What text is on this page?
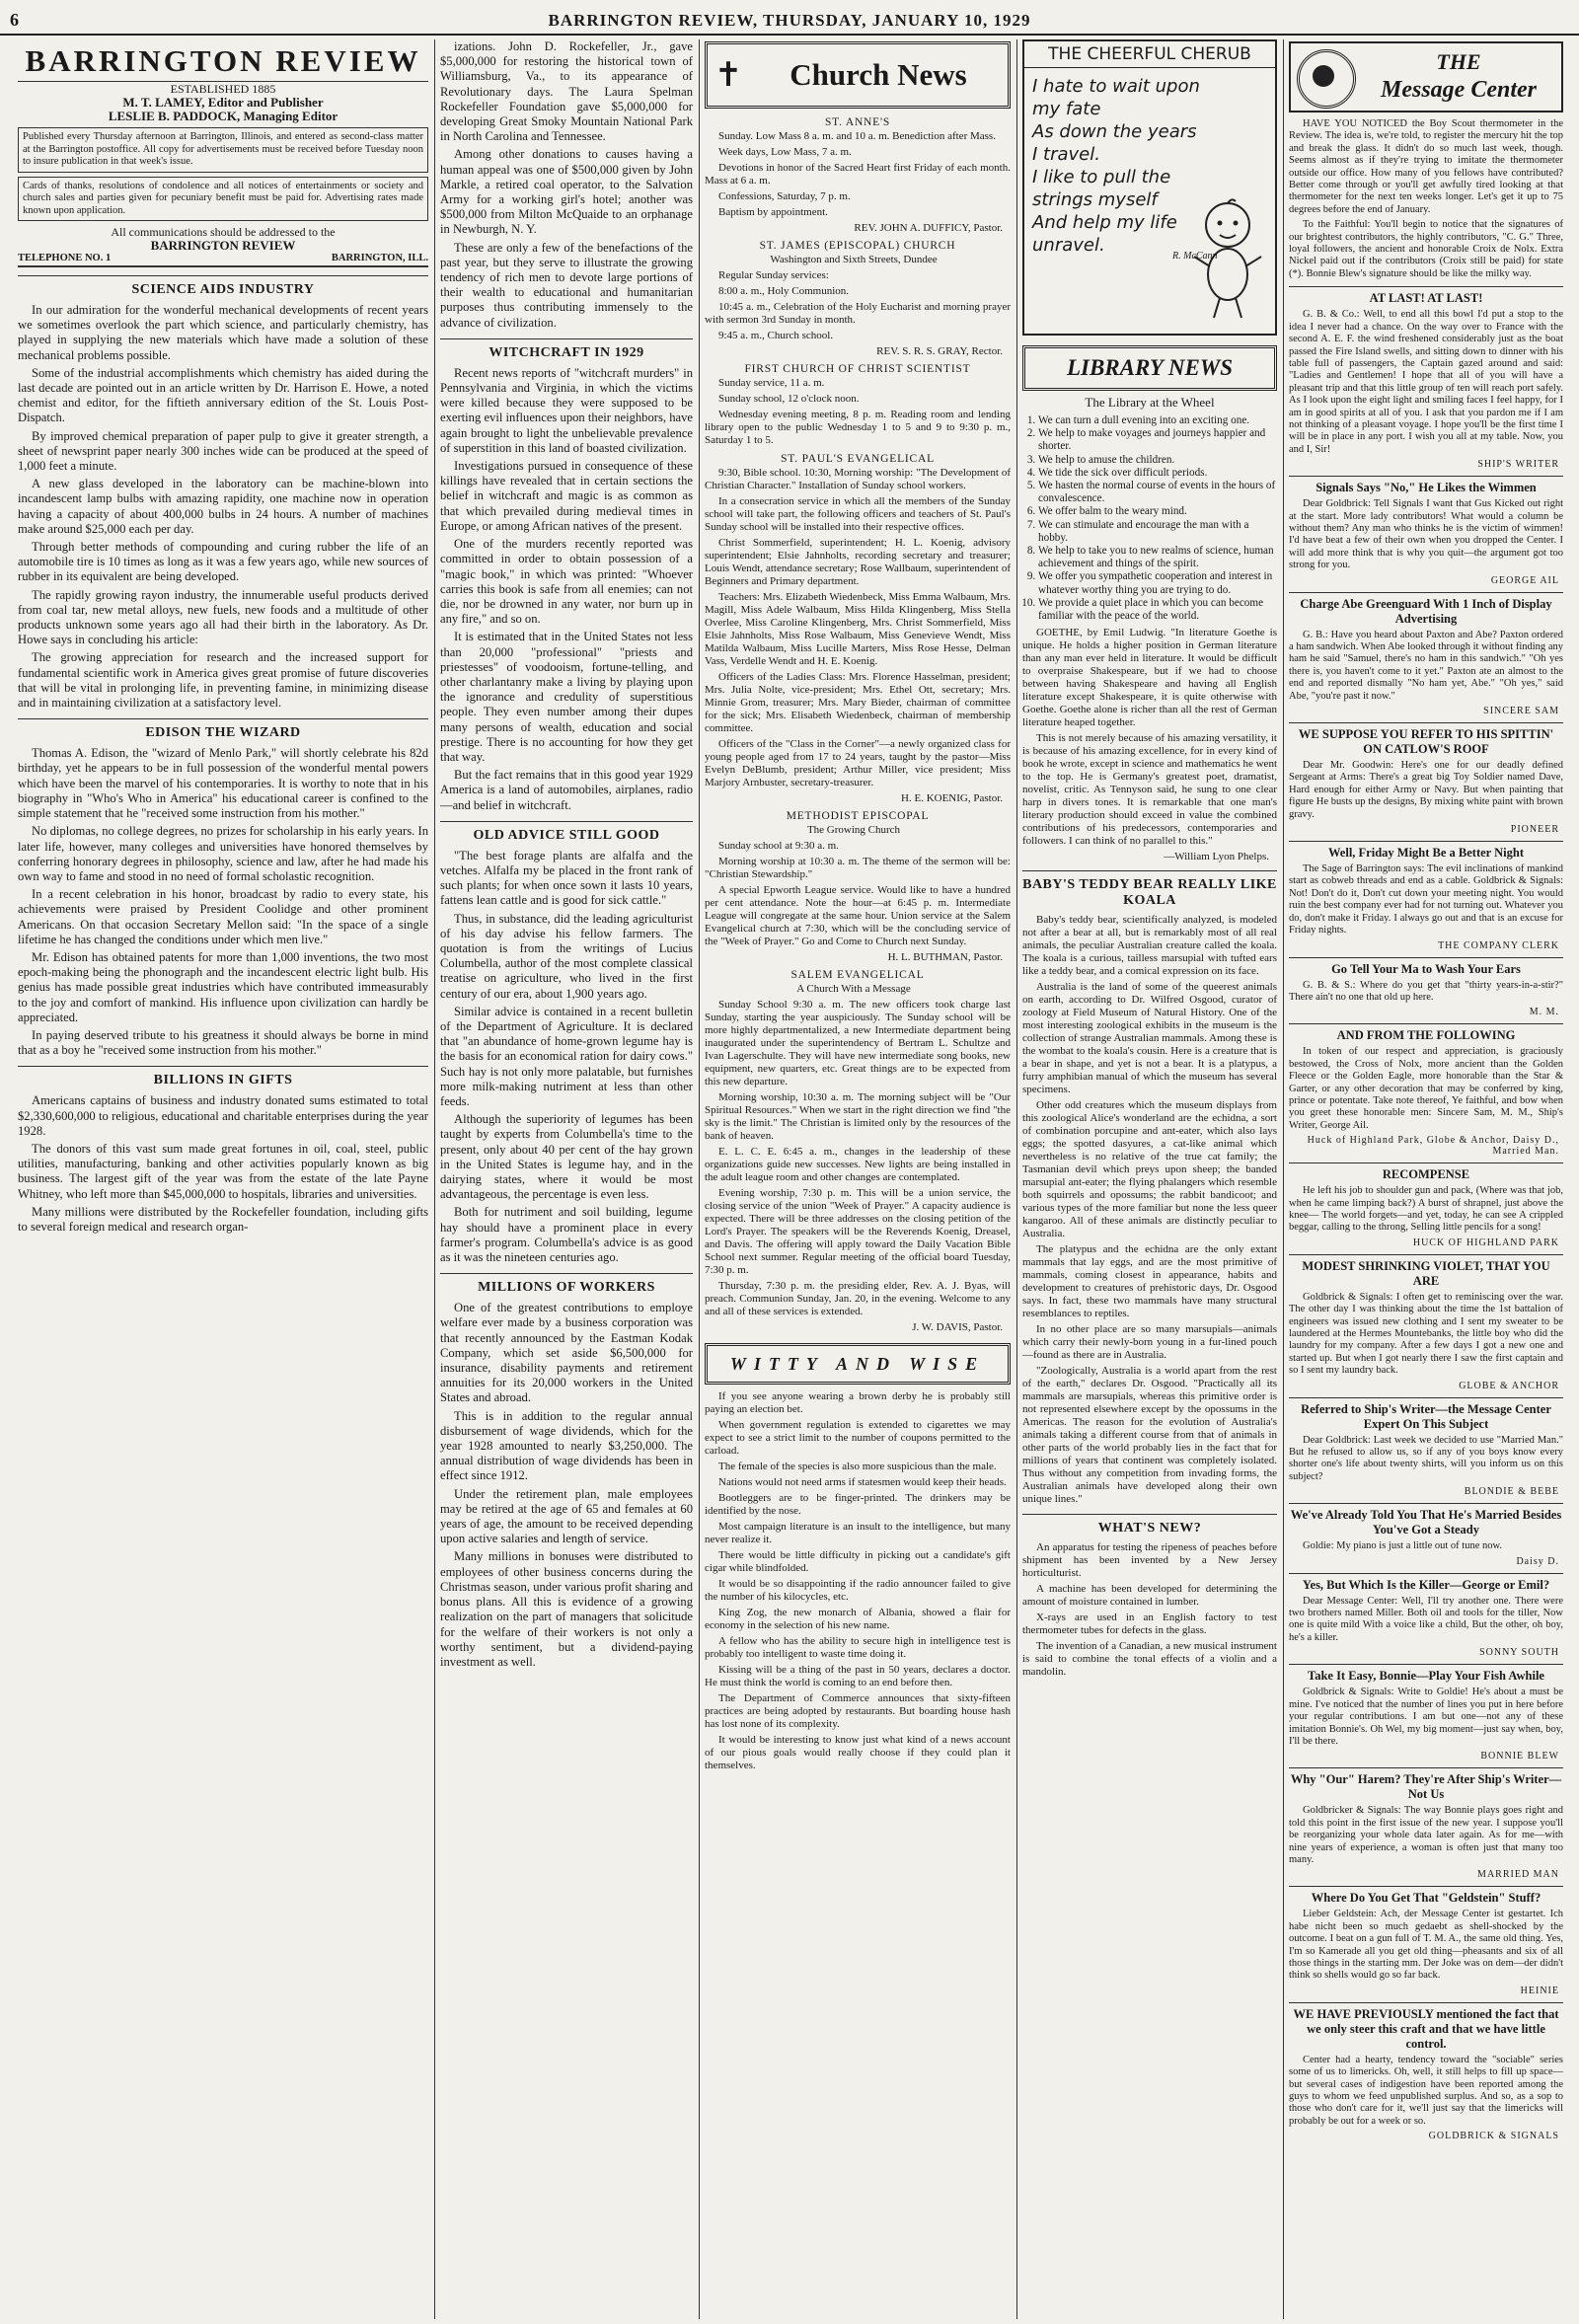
6	BARRINGTON REVIEW, THURSDAY, JANUARY 10, 1929
BARRINGTON REVIEW
ESTABLISHED 1885
M. T. LAMEY, Editor and Publisher
LESLIE B. PADDOCK, Managing Editor
Published every Thursday afternoon at Barrington, Illinois, and entered as second-class matter at the Barrington postoffice. All copy for advertisements must be received before Tuesday noon to insure publication in that week's issue.
Cards of thanks, resolutions of condolence and all notices of entertainments or society and church sales and parties given for pecuniary benefit must be paid for. Advertising rates made known upon application.
All communications should be addressed to the
BARRINGTON REVIEW
TELEPHONE NO. 1	BARRINGTON, ILL.
SCIENCE AIDS INDUSTRY

In our admiration for the wonderful mechanical developments of recent years we sometimes overlook the part which science, and particularly chemistry, has played in supplying the new materials which have made a solution of these mechanical problems possible.

Some of the industrial accomplishments which chemistry has aided during the last decade are pointed out in an article written by Dr. Harrison E. Howe, a noted chemist and editor, for the fiftieth anniversary edition of the St. Louis Post-Dispatch.

By improved chemical preparation of paper pulp to give it greater strength, a sheet of newsprint paper nearly 300 inches wide can be produced at the speed of 1,000 feet a minute.

A new glass developed in the laboratory can be machine-blown into incandescent lamp bulbs with amazing rapidity, one machine now in operation having a capacity of about 400,000 bulbs in 24 hours. A number of machines make around $25,000 each per day.

Through better methods of compounding and curing rubber the life of an automobile tire is 10 times as long as it was a few years ago, while new sources of rubber in its equivalent are being developed.

The rapidly growing rayon industry, the innumerable useful products derived from coal tar, new metal alloys, new fuels, new foods and a multitude of other products unknown some years ago all had their birth in the laboratory. As Dr. Howe says in concluding his article:

The growing appreciation for research and the increased support for fundamental scientific work in America gives great promise of future discoveries that will be vital in prolonging life, in preventing famine, in minimizing disease and in maintaining civilization at a satisfactory level.

EDISON THE WIZARD

Thomas A. Edison, the "wizard of Menlo Park," will shortly celebrate his 82d birthday, yet he appears to be in full possession of the wonderful mental powers which have been the marvel of his contemporaries. It is worthy to note that in his biography in "Who's Who in America" his educational career is confined to the simple statement that he "received some instruction from his mother."

No diplomas, no college degrees, no prizes for scholarship in his early years. In later life, however, many colleges and universities have honored themselves by conferring honorary degrees in philosophy, science and law, after he had made his own way to fame and stood in no need of formal scholastic recognition.

In a recent celebration in his honor, broadcast by radio to every state, his achievements were praised by President Coolidge and other prominent Americans. On that occasion Secretary Mellon said: "In the space of a single lifetime he has changed the conditions under which men live."

Mr. Edison has obtained patents for more than 1,000 inventions, the two most epoch-making being the phonograph and the incandescent electric light bulb. His genius has made possible great industries which have contributed immeasurably to the joy and comfort of mankind. His influence upon civilization can hardly be appreciated.

In paying deserved tribute to his greatness it should always be borne in mind that as a boy he "received some instruction from his mother."

BILLIONS IN GIFTS

Americans captains of business and industry donated sums estimated to total $2,330,600,000 to religious, educational and charitable enterprises during the year 1928.

The donors of this vast sum made great fortunes in oil, coal, steel, public utilities, manufacturing, banking and other activities popularly known as big business. The largest gift of the year was from the estate of the late Payne Whitney, who left more than $45,000,000 to hospitals, libraries and universities.

Many millions were distributed by the Rockefeller foundation, including gifts to several foreign medical and research organ-

izations. John D. Rockefeller, Jr., gave $5,000,000 for restoring the historical town of Williamsburg, Va., to its appearance of Revolutionary days. The Laura Spelman Rockefeller Foundation gave $5,000,000 for developing Great Smoky Mountain National Park in North Carolina and Tennessee.

Among other donations to causes having a human appeal was one of $500,000 given by John Markle, a retired coal operator, to the Salvation Army for a working girl's hotel; another was $500,000 from Milton McQuaide to an orphanage in Newburgh, N. Y.

These are only a few of the benefactions of the past year, but they serve to illustrate the growing tendency of rich men to devote large portions of their wealth to educational and humanitarian purposes thus contributing immensely to the advance of civilization.

WITCHCRAFT IN 1929

Recent news reports of "witchcraft murders" in Pennsylvania and Virginia, in which the victims were killed because they were supposed to be exerting evil influences upon their neighbors, have again brought to light the unbelievable prevalence of superstition in this land of boasted civilization.

Investigations pursued in consequence of these killings have revealed that in certain sections the belief in witchcraft and magic is as common as that which prevailed during medieval times in Europe, or among African natives of the present.

One of the murders recently reported was committed in order to obtain possession of a "magic book," in which was printed: "Whoever carries this book is safe from all enemies; can not die, nor be drowned in any water, nor burn up in any fire," and so on.

It is estimated that in the United States not less than 20,000 "professional" "priests and priestesses" of voodooism, fortune-telling, and other charlantanry make a living by playing upon the ignorance and credulity of superstitious people. They even number among their dupes many persons of wealth, education and social prestige. There is no accounting for how they get that way.

But the fact remains that in this good year 1929 America is a land of automobiles, airplanes, radio—and belief in witchcraft.

OLD ADVICE STILL GOOD

"The best forage plants are alfalfa and the vetches. Alfalfa my be placed in the front rank of such plants; for when once sown it lasts 10 years, fattens lean cattle and is good for sick cattle."

Thus, in substance, did the leading agriculturist of his day advise his fellow farmers. The quotation is from the writings of Lucius Columbella, author of the most complete classical treatise on agriculture, who lived in the first century of our era, about 1,900 years ago.

Similar advice is contained in a recent bulletin of the Department of Agriculture. It is declared that "an abundance of home-grown legume hay is the basis for an economical ration for dairy cows." Such hay is not only more palatable, but furnishes more milk-making nutriment at less than other feeds.

Although the superiority of legumes has been taught by experts from Columbella's time to the present, only about 40 per cent of the hay grown in the United States is legume hay, and in the dairying states, where it would be most advantageous, the percentage is even less.

Both for nutriment and soil building, legume hay should have a prominent place in every farmer's program. Columbella's advice is as good as it was the nineteen centuries ago.

MILLIONS OF WORKERS

One of the greatest contributions to employe welfare ever made by a business corporation was that recently announced by the Eastman Kodak Company, which set aside $6,500,000 for insurance, disability payments and retirement annuities for its 20,000 workers in the United States and abroad.

This is in addition to the regular annual disbursement of wage dividends, which for the year 1928 amounted to nearly $3,250,000. The annual distribution of wage dividends has been in effect since 1912.

Under the retirement plan, male employees may be retired at the age of 65 and females at 60 years of age, the amount to be received depending upon active salaries and length of service.

Many millions in bonuses were distributed to employees of other business concerns during the Christmas season, under various profit sharing and bonus plans. All this is evidence of a growing realization on the part of managers that solicitude for the welfare of their workers is not only a worthy sentiment, but a dividend-paying investment as well.

✝	Church News
ST. ANNE'S

Sunday. Low Mass 8 a. m. and 10 a. m. Benediction after Mass.

Week days, Low Mass, 7 a. m.

Devotions in honor of the Sacred Heart first Friday of each month. Mass at 6 a. m.

Confessions, Saturday, 7 p. m.

Baptism by appointment.

REV. JOHN A. DUFFICY, Pastor.
ST. JAMES (EPISCOPAL) CHURCH
Washington and Sixth Streets, Dundee

Regular Sunday services:

8:00 a. m., Holy Communion.

10:45 a. m., Celebration of the Holy Eucharist and morning prayer with sermon 3rd Sunday in month.

9:45 a. m., Church school.

REV. S. R. S. GRAY, Rector.
FIRST CHURCH OF CHRIST SCIENTIST

Sunday service, 11 a. m.

Sunday school, 12 o'clock noon.

Wednesday evening meeting, 8 p. m. Reading room and lending library open to the public Wednesday 1 to 5 and 9 to 9:30 p. m., Saturday 1 to 5.

ST. PAUL'S EVANGELICAL

9:30, Bible school. 10:30, Morning worship: "The Development of Christian Character." Installation of Sunday school workers.

In a consecration service in which all the members of the Sunday school will take part, the following officers and teachers of St. Paul's Sunday school will be installed into their respective offices.

Christ Sommerfield, superintendent; H. L. Koenig, advisory superintendent; Elsie Jahnholts, recording secretary and treasurer; Louis Wendt, attendance secretary; Rose Wallbaum, superintendent of Beginners and Primary department.

Teachers: Mrs. Elizabeth Wiedenbeck, Miss Emma Walbaum, Mrs. Magill, Miss Adele Walbaum, Miss Hilda Klingenberg, Miss Stella Overlee, Miss Caroline Klingenberg, Mrs. Christ Sommerfield, Miss Elsie Jahnholts, Miss Rose Walbaum, Miss Genevieve Wendt, Miss Matilda Walbaum, Miss Lucille Marters, Miss Rose Hesse, Delman Vass, Verdelle Wendt and H. E. Koenig.

Officers of the Ladies Class: Mrs. Florence Hasselman, president; Mrs. Julia Nolte, vice-president; Mrs. Ethel Ott, secretary; Mrs. Minnie Grom, treasurer; Mrs. Mary Bieder, chairman of committee for the sick; Mrs. Elisabeth Wiedenbeck, chairman of membership committee.

Officers of the "Class in the Corner"—a newly organized class for young people aged from 17 to 24 years, taught by the pastor—Miss Evelyn DeBlumb, president; Arthur Miller, vice president; Miss Marjory Arnbuster, secretary-treasurer.

H. E. KOENIG, Pastor.
METHODIST EPISCOPAL
The Growing Church

Sunday school at 9:30 a. m.

Morning worship at 10:30 a. m. The theme of the sermon will be: "Christian Stewardship."

A special Epworth League service. Would like to have a hundred per cent attendance. Note the hour—at 6:45 p. m. Intermediate League will congregate at the same hour. Union service at the Salem Evangelical church at 7:30, which will be the concluding service of the "Week of Prayer." Go and Come to Church next Sunday.

H. L. BUTHMAN, Pastor.
SALEM EVANGELICAL
A Church With a Message

Sunday School 9:30 a. m. The new officers took charge last Sunday, starting the year auspiciously. The Sunday school will be more highly departmentalized, a new Intermediate department being inaugurated under the superintendency of Bertram L. Schultze and Ivan Lagerschulte. They will have new intermediate song books, new equipment, new quarters, etc. Great things are to be expected from this new departure.

Morning worship, 10:30 a. m. The morning subject will be "Our Spiritual Resources." When we start in the right direction we find "the sky is the limit." The Christian is limited only by the resources of the bank of heaven.

E. L. C. E. 6:45 a. m., changes in the leadership of these organizations guide new successes. New lights are being installed in the adult league room and other changes are contemplated.

Evening worship, 7:30 p. m. This will be a union service, the closing service of the union "Week of Prayer." A capacity audience is expected. There will be three addresses on the closing petition of the Lord's Prayer. The speakers will be the Reverends Koenig, Dreasel, and Davis. The offering will apply toward the Daily Vacation Bible School next summer. Regular meeting of the official board Tuesday, 7:30 p. m.

Thursday, 7:30 p. m. the presiding elder, Rev. A. J. Byas, will preach. Communion Sunday, Jan. 20, in the evening. Welcome to any and all of these services is extended.

J. W. DAVIS, Pastor.
WITTY AND WISE

If you see anyone wearing a brown derby he is probably still paying an election bet.

When government regulation is extended to cigarettes we may expect to see a strict limit to the number of coupons permitted to the carload.

The female of the species is also more suspicious than the male.

Nations would not need arms if statesmen would keep their heads.

Bootleggers are to be finger-printed. The drinkers may be identified by the nose.

Most campaign literature is an insult to the intelligence, but many never realize it.

There would be little difficulty in picking out a candidate's gift cigar while blindfolded.

It would be so disappointing if the radio announcer failed to give the number of his kilocycles, etc.

King Zog, the new monarch of Albania, showed a flair for economy in the selection of his new name.

A fellow who has the ability to secure high in intelligence test is probably too intelligent to waste time doing it.

Kissing will be a thing of the past in 50 years, declares a doctor. He must think the world is coming to an end before then.

The Department of Commerce announces that sixty-fifteen practices are being adopted by restaurants. But boarding house hash has lost none of its complexity.

It would be interesting to know just what kind of a news account of our pious goals would really choose if they could plan it themselves.

THE CHEERFUL CHERUB
I hate to wait upon
my fate
As down the years
I travel.
I like to pull the
strings myself
And help my life
unravel.
R. McCann
LIBRARY NEWS
The Library at the Wheel
1. We can turn a dull evening into an exciting one.
2. We help to make voyages and journeys happier and shorter.
3. We help to amuse the children.
4. We tide the sick over difficult periods.
5. We hasten the normal course of events in the hours of convalescence.
6. We offer balm to the weary mind.
7. We can stimulate and encourage the man with a hobby.
8. We help to take you to new realms of science, human achievement and things of the spirit.
9. We offer you sympathetic cooperation and interest in whatever worthy thing you are trying to do.
10. We provide a quiet place in which you can become familiar with the peace of the world.

GOETHE, by Emil Ludwig. "In literature Goethe is unique. He holds a higher position in German literature than any man ever held in literature. It would be difficult to overpraise Shakespeare, but if we had to choose between having Shakespeare and having all English literature except Shakespeare, it is quite otherwise with Goethe. Goethe alone is richer than all the rest of German literature heaped together.

This is not merely because of his amazing versatility, it is because of his amazing excellence, for in every kind of book he wrote, except in science and mathematics he went to the top. He is Germany's greatest poet, dramatist, novelist, critic. As Tennyson said, he sung to one clear harp in divers tones. It is remarkable that one man's literary production should exceed in value the combined contributions of his predecessors, contemporaries and followers. I can think of no parallel to this."

—William Lyon Phelps.
BABY'S TEDDY BEAR REALLY LIKE KOALA

Baby's teddy bear, scientifically analyzed, is modeled not after a bear at all, but is remarkably most of all real animals, the peculiar Australian creature called the koala. The koala is a curious, tailless marsupial with tufted ears like a teddy bear, and a comical expression on its face.

Australia is the land of some of the queerest animals on earth, according to Dr. Wilfred Osgood, curator of zoology at Field Museum of Natural History. One of the most interesting zoological exhibits in the museum is the collection of strange Australian mammals. Among these is the wombat to the koala's cousin. Here is a creature that is a bear in shape, and yet is not a bear. It is a platypus, a furry amphibian manual of which the museum has several specimens.

Other odd creatures which the museum displays from this zoological Alice's wonderland are the echidna, a sort of combination porcupine and ant-eater, which also lays eggs; the spotted dasyures, a cat-like animal which nevertheless is no relative of the true cat family; the Tasmanian devil which preys upon sheep; the banded marsupial ant-eater; the flying phalangers which resemble both squirrels and opossums; the rabbit bandicoot; and various types of the more familiar but none the less queer kangaroo. All of these animals are distinctly peculiar to Australia.

The platypus and the echidna are the only extant mammals that lay eggs, and are the most primitive of mammals, coming closest in appearance, habits and development to creatures of prehistoric days, Dr. Osgood says. In fact, these two mammals have many structural resemblances to reptiles.

In no other place are so many marsupials—animals which carry their newly-born young in a fur-lined pouch—found as there are in Australia.

"Zoologically, Australia is a world apart from the rest of the earth," declares Dr. Osgood. "Practically all its mammals are marsupials, whereas this primitive order is not represented elsewhere except by the opossums in the Americas. The reason for the evolution of Australia's animals taking a different course from that of animals in other parts of the world probably lies in the fact that for millions of years that continent was completely isolated. Thus without any competition from invading forms, the Australian animals have developed along their own unique lines."

WHAT'S NEW?

An apparatus for testing the ripeness of peaches before shipment has been invented by a New Jersey horticulturist.

A machine has been developed for determining the amount of moisture contained in lumber.

X-rays are used in an English factory to test thermometer tubes for defects in the glass.

The invention of a Canadian, a new musical instrument is said to combine the tonal effects of a violin and a mandolin.

THE
Message Center

HAVE YOU NOTICED the Boy Scout thermometer in the Review. The idea is, we're told, to register the mercury hit the top and break the glass. It didn't do so much last week, though. Seems almost as if they're trying to imitate the thermometer outside our office. How many of you fellows have contributed? Better come through or you'll get awfully tired looking at that thermometer for the next ten weeks longer. Let's get it up to 75 degrees before the end of January.

To the Faithful: You'll begin to notice that the signatures of our brightest contributors, the highly contributors, "C. G." Three, loyal followers, the ancient and honorable Croix de Nolx. Extra Nickel paid out if the contributors (Croix still be paid) for state (*). Bonnie Blew's signature should be like the milky way.

AT LAST! AT LAST!

G. B. & Co.: Well, to end all this bowl I'd put a stop to the idea I never had a chance. On the way over to France with the second A. E. F. the wind freshened considerably just as the boat passed the Fire Island swells, and sitting down to dinner with his table full of passengers, the Captain gazed around and said: "Ladies and Gentlemen! I hope that all of you will have a pleasant trip and that this little group of ten will reach port safely. As I look upon the eight light and smiling faces I feel happy, for I am in good spirits at all of you. I ask that you pardon me if I am not thinking of a pleasant voyage. I hope you'll be the first time I will be in place in any port. I wish you all at my table. Now, you and I, Sir!

SHIP'S WRITER
Signals Says "No," He Likes the Wimmen

Dear Goldbrick: Tell Signals I want that Gus Kicked out right at the start. More lady contributors! What would a column be without them? Any man who thinks he is the victim of wimmen! I'd have beat a few of their own when you dropped the Center. I will add more think that is why you quit—the argument got too strong for you.

GEORGE AIL
Charge Abe Greenguard With 1 Inch of Display Advertising

G. B.: Have you heard about Paxton and Abe? Paxton ordered a ham sandwich. When Abe looked through it without finding any ham he said "Samuel, there's no ham in this sandwich." "Oh yes there is, you haven't come to it yet." Paxton ate an almost to the end and reported dismally "No ham yet, Abe." "Oh yes," said Abe, "you're past it now."

SINCERE SAM
WE SUPPOSE YOU REFER TO HIS SPITTIN' ON CATLOW'S ROOF

Dear Mr. Goodwin: Here's one for our deadly defined Sergeant at Arms: There's a great big Toy Soldier named Dave, Hard enough for either Army or Navy. But when painting that figure He busts up the designs, By mixing white paint with brown gravy.

PIONEER
Well, Friday Might Be a Better Night

The Sage of Barrington says: The evil inclinations of mankind start as cobweb threads and end as a cable. Goldbrick & Signals: Not! Don't do it, Don't cut down your meeting night. You would ruin the best company ever had for not turning out. Whatever you do, don't make it Friday. I always go out and that is an excuse for Friday nights.

THE COMPANY CLERK
Go Tell Your Ma to Wash Your Ears

G. B. & S.: Where do you get that "thirty years-in-a-stir?" There ain't no one that old up here.

M. M.
AND FROM THE FOLLOWING

In token of our respect and appreciation, is graciously bestowed, the Cross of Nolx, more ancient than the Golden Fleece or the Golden Eagle, more honorable than the Star & Garter, or any other decoration that may be conferred by king, prince or potentate. Take note thereof, Ye faithful, and bow when you greet these honorable men: Sincere Sam, M. M., Ship's Writer, George Ail.

Huck of Highland Park, Globe & Anchor, Daisy D., Married Man.
RECOMPENSE

He left his job to shoulder gun and pack, (Where was that job, when he came limping back?) A burst of shrapnel, just above the knee— The world forgets—and yet, today, he can see A crippled beggar, calling to the throng, Selling little pencils for a song!

HUCK OF HIGHLAND PARK
MODEST SHRINKING VIOLET, THAT YOU ARE

Goldbrick & Signals: I often get to reminiscing over the war. The other day I was thinking about the time the 1st battalion of engineers was issued new clothing and I sent my sweater to be laundered at the Hermes Mountebanks, the little boy who did the laundry for my company. After a few days I got a new one and started up. But when I got nearly there I saw the first captain and so I sent my laundry back.

GLOBE & ANCHOR
Referred to Ship's Writer—the Message Center Expert On This Subject

Dear Goldbrick: Last week we decided to use "Married Man." But he refused to allow us, so if any of you boys know every shorter one's life about twenty shirts, will you inform us on this subject?

BLONDIE & BEBE
We've Already Told You That He's Married Besides You've Got a Steady

Goldie: My piano is just a little out of tune now.

Daisy D.
Yes, But Which Is the Killer—George or Emil?

Dear Message Center: Well, I'll try another one. There were two brothers named Miller. Both oil and tools for the tiller, Now one is quite mild With a voice like a child, But the other, oh boy, he's a killer.

SONNY SOUTH
Take It Easy, Bonnie—Play Your Fish Awhile

Goldbrick & Signals: Write to Goldie! He's about a must be mine. I've noticed that the number of lines you put in here before your regular contributions. I am but one—not any of these imitation Bonnie's. Oh Wel, my big moment—just say when, boy, I'll be there.

BONNIE BLEW
Why "Our" Harem? They're After Ship's Writer—Not Us

Goldbricker & Signals: The way Bonnie plays goes right and told this point in the first issue of the new year. I suppose you'll be reorganizing your whole data later again. As for me—with nine years of experience, a woman is often just that many too many.

MARRIED MAN
Where Do You Get That "Geldstein" Stuff?

Lieber Geldstein: Ach, der Message Center ist gestartet. Ich habe nicht been so much gedaebt as shell-shocked by the outcome. I beat on a gun full of T. M. A., the same old thing. Yes, I'm so Kamerade all you get old thing—pheasants and six of all those things in the starting mm. Der Joke was on dem—der didn't think so shells would go so far back.

HEINIE
WE HAVE PREVIOUSLY mentioned the fact that we only steer this craft and that we have little control.

Center had a hearty, tendency toward the "sociable" series some of us to limericks. Oh, well, it still helps to fill up space—but several cases of indigestion have been reported among the guys to whom we feed unpublished surplus. And so, as a sop to those who don't care for it, we'll just say that the limericks will probably be out for a week or so.

GOLDBRICK & SIGNALS
